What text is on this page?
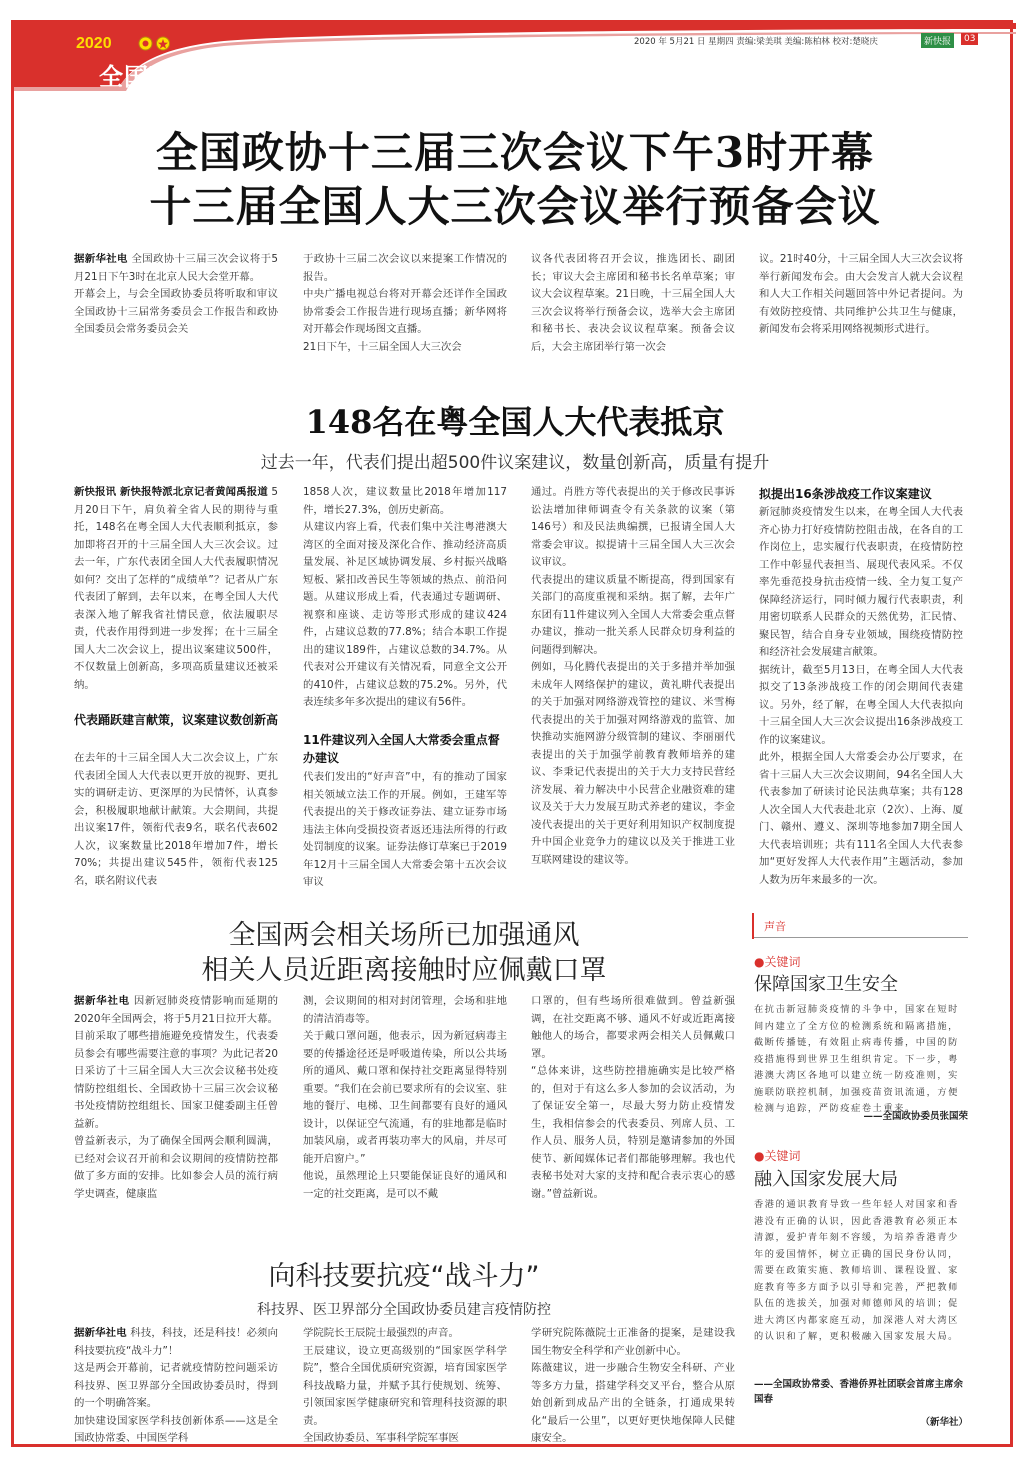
2020
全国两会
2020 年 5月21 日 星期四 责编:梁美琪 美编:陈柏林 校对:楚晓庆	新快报	03
全国政协十三届三次会议下午3时开幕
十三届全国人大三次会议举行预备会议
据新华社电 全国政协十三届三次会议将于5月21日下午3时在北京人民大会堂开幕。
开幕会上，与会全国政协委员将听取和审议全国政协十三届常务委员会工作报告和政协全国委员会常务委员会关
于政协十三届二次会议以来提案工作情况的报告。
中央广播电视总台将对开幕会还详作全国政协常委会工作报告进行现场直播；新华网将对开幕会作现场图文直播。
21日下午，十三届全国人大三次会
议各代表团将召开会议，推选团长、副团长；审议大会主席团和秘书长名单草案；审议大会议程草案。21日晚，十三届全国人大三次会议将举行预备会议，选举大会主席团和秘书长、表决会议议程草案。预备会议后，大会主席团举行第一次会
议。21时40分，十三届全国人大三次会议将举行新闻发布会。由大会发言人就大会议程和人大工作相关问题回答中外记者提问。为有效防控疫情、共同维护公共卫生与健康，新闻发布会将采用网络视频形式进行。
148名在粤全国人大代表抵京
过去一年，代表们提出超500件议案建议，数量创新高，质量有提升
新快报讯 新快报特派北京记者黄闻禹报道 5月20日下午，肩负着全省人民的期待与重托，148名在粤全国人大代表顺利抵京，参加即将召开的十三届全国人大三次会议。过去一年，广东代表团全国人大代表履职情况如何？交出了怎样的“成绩单”？记者从广东代表团了解到，去年以来，在粤全国人大代表深入地了解我省社情民意，依法履职尽责，代表作用得到进一步发挥；在十三届全国人大二次会议上，提出议案建议500件，不仅数量上创新高，多项高质量建议还被采纳。
代表踊跃建言献策，议案建议数创新高
在去年的十三届全国人大二次会议上，广东代表团全国人大代表以更开放的视野、更扎实的调研走访、更深厚的为民情怀，认真参会，积极履职地献计献策。大会期间，共提出议案17件，领衔代表9名，联名代表602人次，议案数量比2018年增加7件，增长70%；共提出建议545件，领衔代表125名，联名附议代表
1858人次，建议数量比2018年增加117件，增长27.3%，创历史新高。
从建议内容上看，代表们集中关注粤港澳大湾区的全面对接及深化合作、推动经济高质量发展、补足区域协调发展、乡村振兴战略短板、紧扣改善民生等领域的热点、前沿问题。从建议形成上看，代表通过专题调研、视察和座谈、走访等形式形成的建议424件，占建议总数的77.8%；结合本职工作提出的建议189件，占建议总数的34.7%。从代表对公开建议有关情况看，同意全文公开的410件，占建议总数的75.2%。另外，代表连续多年多次提出的建议有56件。
11件建议列入全国人大常委会重点督办建议
代表们发出的“好声音”中，有的推动了国家相关领域立法工作的开展。例如，王建军等代表提出的关于修改证券法、建立证券市场违法主体向受损投资者返还违法所得的行政处罚制度的议案。证券法修订草案已于2019年12月十三届全国人大常委会第十五次会议审议
通过。肖胜方等代表提出的关于修改民事诉讼法增加律师调查令有关条款的议案（第146号）和及民法典编撰，已报请全国人大常委会审议。拟提请十三届全国人大三次会议审议。
代表提出的建议质量不断提高，得到国家有关部门的高度重视和采纳。据了解，去年广东团有11件建议列入全国人大常委会重点督办建议，推动一批关系人民群众切身利益的问题得到解决。
例如，马化腾代表提出的关于多措并举加强未成年人网络保护的建议，黄礼畊代表提出的关于加强对网络游戏管控的建议、米雪梅代表提出的关于加强对网络游戏的监管、加快推动实施网游分级管制的建议、李丽丽代表提出的关于加强学前教育教师培养的建议、李秉记代表提出的关于大力支持民营经济发展、着力解决中小民营企业融资难的建议及关于大力发展互助式养老的建议，李金凌代表提出的关于更好利用知识产权制度提升中国企业竞争力的建议以及关于推进工业互联网建设的建议等。
拟提出16条涉战疫工作议案建议
新冠肺炎疫情发生以来，在粤全国人大代表齐心协力打好疫情防控阻击战，在各自的工作岗位上，忠实履行代表职责，在疫情防控工作中彰显代表担当、展现代表风采。不仅率先垂范投身抗击疫情一线、全力复工复产保障经济运行，同时倾力履行代表职责，利用密切联系人民群众的天然优势，汇民情、聚民智，结合自身专业领域，围绕疫情防控和经济社会发展建言献策。
据统计，截至5月13日，在粤全国人大代表拟交了13条涉战疫工作的闭会期间代表建议。另外，经了解，在粤全国人大代表拟向十三届全国人大三次会议提出16条涉战疫工作的议案建议。
此外，根据全国人大常委会办公厅要求，在省十三届人大三次会议期间，94名全国人大代表参加了研读讨论民法典草案；共有128人次全国人大代表赴北京（2次）、上海、厦门、赣州、遵义、深圳等地参加7期全国人大代表培训班；共有111名全国人大代表参加“更好发挥人大代表作用”主题活动，参加人数为历年来最多的一次。
全国两会相关场所已加强通风
相关人员近距离接触时应佩戴口罩
据新华社电 因新冠肺炎疫情影响而延期的2020年全国两会，将于5月21日拉开大幕。目前采取了哪些措施避免疫情发生，代表委员参会有哪些需要注意的事项？为此记者20日采访了十三届全国人大三次会议秘书处疫情防控组组长、全国政协十三届三次会议秘书处疫情防控组组长、国家卫健委副主任曾益新。
曾益新表示，为了确保全国两会顺利圆满，已经对会议召开前和会议期间的疫情防控都做了多方面的安排。比如参会人员的流行病学史调查，健康监
测，会议期间的相对封闭管理，会场和驻地的清洁消毒等。
关于戴口罩问题，他表示，因为新冠病毒主要的传播途径还是呼吸道传染，所以公共场所的通风、戴口罩和保持社交距离显得特别重要。“我们在会前已要求所有的会议室、驻地的餐厅、电梯、卫生间都要有良好的通风设计，以保证空气流通，有的驻地都是临时加装风扇，或者再装功率大的风扇，并尽可能开启窗户。”
他说，虽然理论上只要能保证良好的通风和一定的社交距离，是可以不戴
口罩的，但有些场所很难做到。曾益新强调，在社交距离不够、通风不好或近距离接触他人的场合，都要求两会相关人员佩戴口罩。
“总体来讲，这些防控措施确实是比较严格的，但对于有这么多人参加的会议活动，为了保证安全第一，尽最大努力防止疫情发生，我相信参会的代表委员、列席人员、工作人员、服务人员，特别是邀请参加的外国使节、新闻媒体记者们都能够理解。我也代表秘书处对大家的支持和配合表示衷心的感谢。”曾益新说。
向科技要抗疫“战斗力”
科技界、医卫界部分全国政协委员建言疫情防控
据新华社电 科技，科技，还是科技！必须向科技要抗疫“战斗力”！
这是两会开幕前，记者就疫情防控问题采访科技界、医卫界部分全国政协委员时，得到的一个明确答案。
加快建设国家医学科技创新体系——这是全国政协常委、中国医学科
学院院长王辰院士最强烈的声音。
王辰建议，设立更高级别的“国家医学科学院”，整合全国优质研究资源，培育国家医学科技战略力量，并赋予其行使规划、统筹、引领国家医学健康研究和管理科技资源的职责。
全国政协委员、军事科学院军事医
学研究院陈薇院士正准备的提案，是建设我国生物安全科学和产业创新中心。
陈薇建议，进一步融合生物安全科研、产业等多方力量，搭建学科交叉平台，整合从原始创新到成品产出的全链条，打通成果转化“最后一公里”，以更好更快地保障人民健康安全。
声音
●关键词
保障国家卫生安全
在抗击新冠肺炎疫情的斗争中，国家在短时间内建立了全方位的检测系统和隔离措施，截断传播链，有效阻止病毒传播，中国的防疫措施得到世界卫生组织肯定。下一步，粤港澳大湾区各地可以建立统一防疫准则，实施联防联控机制，加强疫苗资讯流通，方便检测与追踪，严防疫症卷土重来。
——全国政协委员张国荣
●关键词
融入国家发展大局
香港的通识教育导致一些年轻人对国家和香港没有正确的认识，因此香港教育必须正本清源，爱护青年刻不容缓，为培养香港青少年的爱国情怀，树立正确的国民身份认同，需要在政策实施、教师培训、课程设置、家庭教育等多方面予以引导和完善，严把教师队伍的选拔关，加强对师德师风的培训；促进大湾区内都家庭互动，加深港人对大湾区的认识和了解，更积极融入国家发展大局。
——全国政协常委、香港侨界社团联会首席主席余国春
（新华社）
